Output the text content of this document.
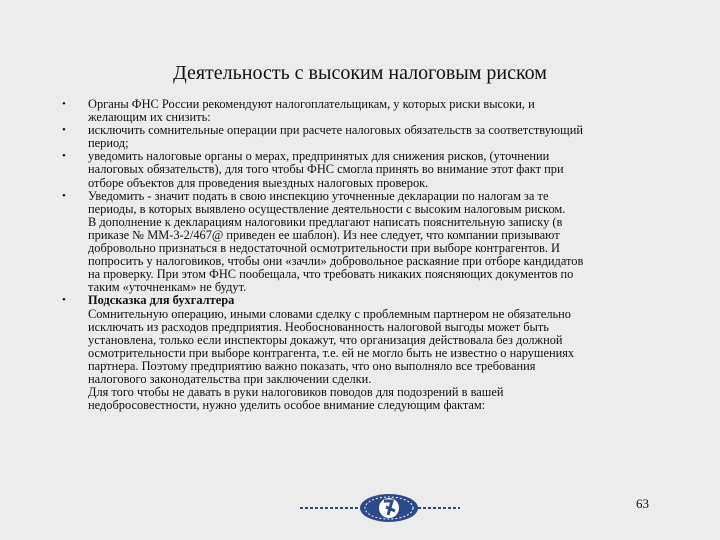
Деятельность с высоким налоговым риском
• Органы ФНС России рекомендуют налогоплательщикам, у которых риски высоки, и
желающим их снизить:
• исключить сомнительные операции при расчете налоговых обязательств за соответствующий
период;
• уведомить налоговые органы о мерах, предпринятых для снижения рисков, (уточнении
налоговых обязательств), для того чтобы ФНС смогла принять во внимание этот факт при
отборе объектов для проведения выездных налоговых проверок.
• Уведомить - значит подать в свою инспекцию уточненные декларации по налогам за те
периоды, в которых выявлено осуществление деятельности с высоким налоговым риском.
В дополнение к декларациям налоговики предлагают написать пояснительную записку (в
приказе № ММ-3-2/467@ приведен ее шаблон). Из нее следует, что компании призывают
добровольно признаться в недостаточной осмотрительности при выборе контрагентов. И
попросить у налоговиков, чтобы они «зачли» добровольное раскаяние при отборе кандидатов
на проверку. При этом ФНС пообещала, что требовать никаких поясняющих документов по
таким «уточненкам» не будут.
• Подсказка для бухгалтера
Сомнительную операцию, иными словами сделку с проблемным партнером не обязательно
исключать из расходов предприятия. Необоснованность налоговой выгоды может быть
установлена, только если инспекторы докажут, что организация действовала без должной
осмотрительности при выборе контрагента, т.е. ей не могло быть не известно о нарушениях
партнера. Поэтому предприятию важно показать, что оно выполняло все требования
налогового законодательства при заключении сделки.
Для того чтобы не давать в руки налоговиков поводов для подозрений в вашей
недобросовестности, нужно уделить особое внимание следующим фактам:
63
